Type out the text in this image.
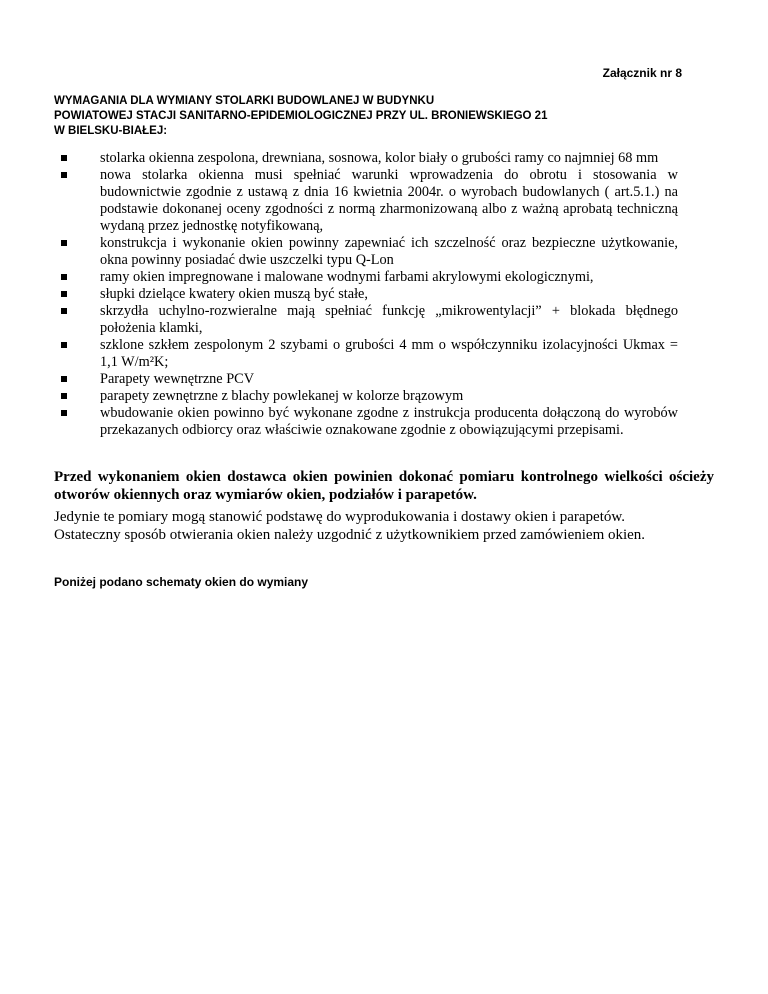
Załącznik nr 8
WYMAGANIA DLA WYMIANY STOLARKI BUDOWLANEJ W BUDYNKU
POWIATOWEJ STACJI SANITARNO-EPIDEMIOLOGICZNEJ PRZY UL. BRONIEWSKIEGO 21
W BIELSKU-BIAŁEJ:
stolarka okienna zespolona, drewniana, sosnowa, kolor biały o grubości ramy co najmniej 68 mm
nowa stolarka okienna musi spełniać warunki wprowadzenia do obrotu i stosowania w budownictwie zgodnie z ustawą z dnia 16 kwietnia 2004r. o wyrobach budowlanych ( art.5.1.) na podstawie dokonanej oceny zgodności z normą zharmonizowaną albo z ważną aprobatą techniczną wydaną przez jednostkę notyfikowaną,
konstrukcja i wykonanie okien powinny zapewniać ich szczelność oraz bezpieczne użytkowanie, okna powinny posiadać dwie uszczelki typu Q-Lon
ramy okien impregnowane i malowane wodnymi farbami akrylowymi ekologicznymi,
słupki dzielące kwatery okien muszą być stałe,
skrzydła uchylno-rozwieralne mają spełniać funkcję „mikrowentylacji” + blokada błędnego położenia klamki,
szklone szkłem zespolonym 2 szybami o grubości 4 mm o współczynniku izolacyjności Ukmax = 1,1 W/m²K;
Parapety wewnętrzne PCV
parapety zewnętrzne z blachy powlekanej w kolorze brązowym
wbudowanie okien powinno być wykonane zgodne z instrukcja producenta dołączoną do wyrobów przekazanych odbiorcy oraz właściwie oznakowane zgodnie z obowiązującymi przepisami.

Przed wykonaniem okien dostawca okien powinien dokonać pomiaru kontrolnego wielkości ościeży otworów okiennych oraz wymiarów okien, podziałów i parapetów.

Jedynie te pomiary mogą stanowić podstawę do wyprodukowania i dostawy okien i parapetów.
Ostateczny sposób otwierania okien należy uzgodnić z użytkownikiem przed zamówieniem okien.

Poniżej podano schematy okien do wymiany
